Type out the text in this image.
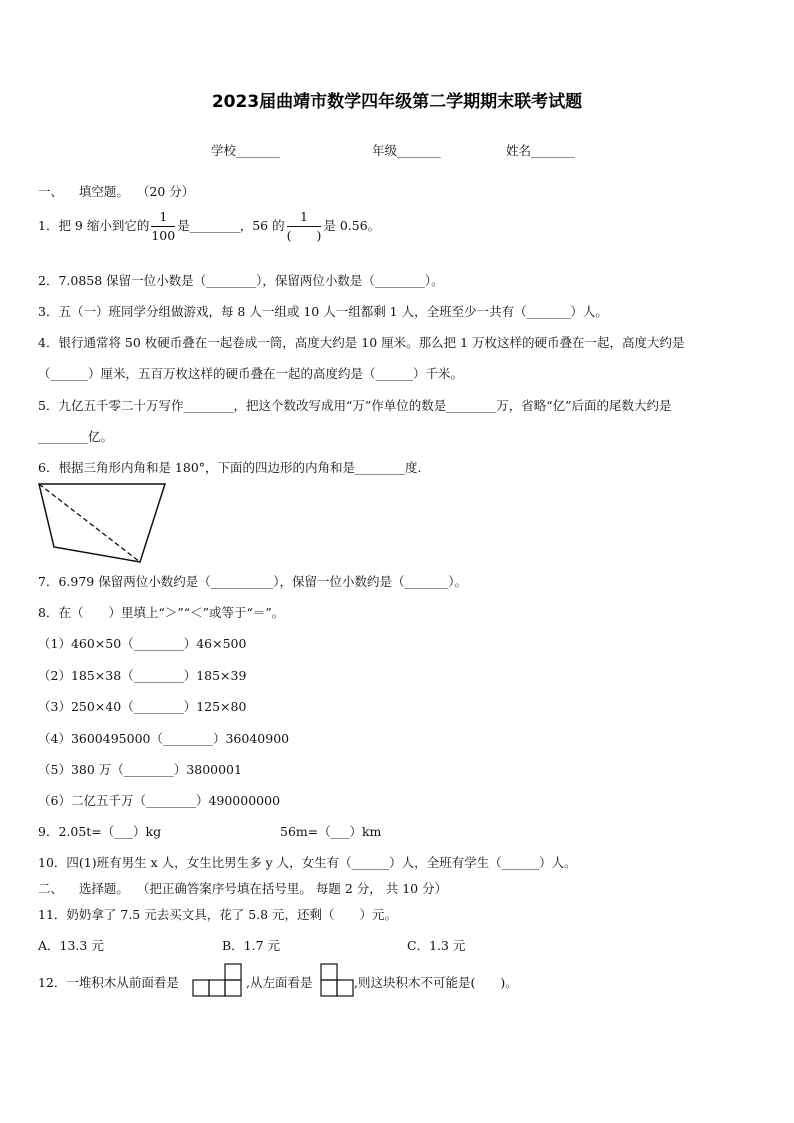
2023届曲靖市数学四年级第二学期期末联考试题
学校_______	年级_______	姓名_______
一、 填空题。 （20 分）
1．把 9 缩小到它的 $\frac{1}{100}$ 是________，56 的 $\frac{1}{( )}$ 是 0.56。
2．7.0858 保留一位小数是（________），保留两位小数是（________）。
3．五（一）班同学分组做游戏，每 8 人一组或 10 人一组都剩 1 人，全班至少一共有（_______）人。
4．银行通常将 50 枚硬币叠在一起卷成一筒，高度大约是 10 厘米。那么把 1 万枚这样的硬币叠在一起，高度大约是
（______）厘米，五百万枚这样的硬币叠在一起的高度约是（______）千米。
5．九亿五千零二十万写作________，把这个数改写成用“万”作单位的数是________万，省略“亿”后面的尾数大约是
________亿。
6．根据三角形内角和是 180°，下面的四边形的内角和是________度.
7．6.979 保留两位小数约是（__________），保留一位小数约是（_______）。
8．在（　　）里填上“＞”“＜”或等于“＝”。
（1）460×50（________）46×500
（2）185×38（________）185×39
（3）250×40（________）125×80
（4）3600495000（________）36040900
（5）380 万（________）3800001
（6）二亿五千万（________）490000000
9．2.05t=（___）kg	56m=（___）km
10．四(1)班有男生 x 人，女生比男生多 y 人，女生有（______）人，全班有学生（______）人。
二、 选择题。 （把正确答案序号填在括号里。 每题 2 分， 共 10 分）
11．奶奶拿了 7.5 元去买文具，花了 5.8 元，还剩（　　）元。
A．13.3 元	B．1.7 元	C．1.3 元
12．一堆积木从前面看是	,从左面看是	,则这块积木不可能是(　　)。
